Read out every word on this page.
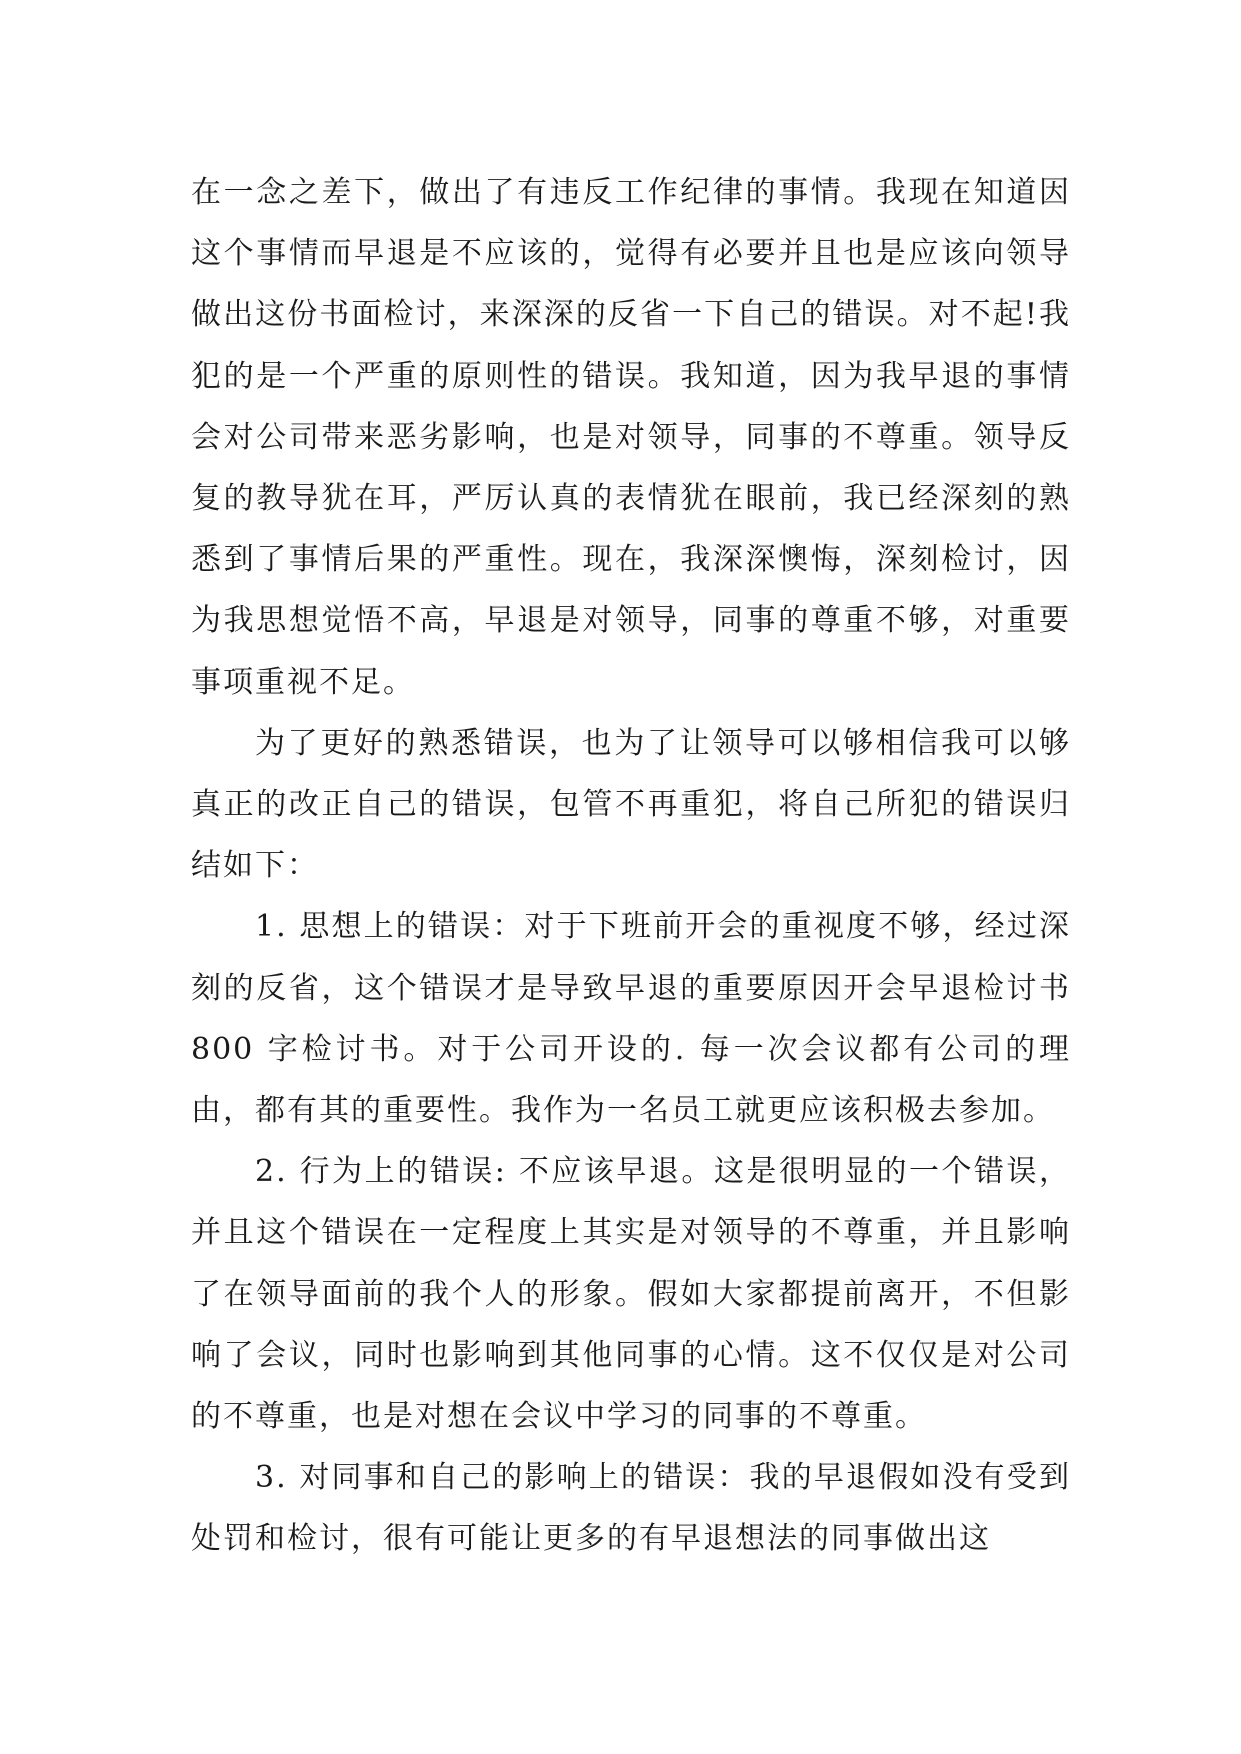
在一念之差下，做出了有违反工作纪律的事情。我现在知道因这个事情而早退是不应该的，觉得有必要并且也是应该向领导做出这份书面检讨，来深深的反省一下自己的错误。对不起!我犯的是一个严重的原则性的错误。我知道，因为我早退的事情会对公司带来恶劣影响，也是对领导，同事的不尊重。领导反复的教导犹在耳，严厉认真的表情犹在眼前，我已经深刻的熟悉到了事情后果的严重性。现在，我深深懊悔，深刻检讨，因为我思想觉悟不高，早退是对领导，同事的尊重不够，对重要事项重视不足。

为了更好的熟悉错误，也为了让领导可以够相信我可以够真正的改正自己的错误，包管不再重犯，将自己所犯的错误归结如下：

1. 思想上的错误：对于下班前开会的重视度不够，经过深刻的反省，这个错误才是导致早退的重要原因开会早退检讨书 800 字检讨书。对于公司开设的. 每一次会议都有公司的理由，都有其的重要性。我作为一名员工就更应该积极去参加。

2. 行为上的错误: 不应该早退。这是很明显的一个错误，并且这个错误在一定程度上其实是对领导的不尊重，并且影响了在领导面前的我个人的形象。假如大家都提前离开，不但影响了会议，同时也影响到其他同事的心情。这不仅仅是对公司的不尊重，也是对想在会议中学习的同事的不尊重。

3. 对同事和自己的影响上的错误：我的早退假如没有受到处罚和检讨，很有可能让更多的有早退想法的同事做出这
